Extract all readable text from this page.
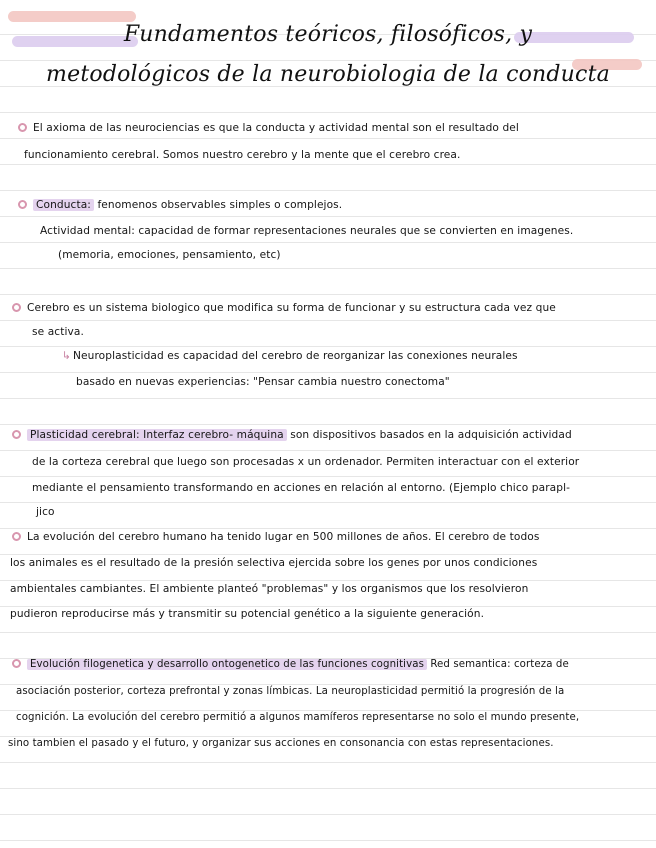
Fundamentos teóricos, filosóficos, y
metodológicos de la neurobiologia de la conducta

El axioma de las neurociencias es que la conducta y actividad mental son el resultado del

funcionamiento cerebral. Somos nuestro cerebro y la mente que el cerebro crea.

Conducta: fenomenos observables simples o complejos.

Actividad mental: capacidad de formar representaciones neurales que se convierten en imagenes.

(memoria, emociones, pensamiento, etc)

Cerebro es un sistema biologico que modifica su forma de funcionar y su estructura cada vez que

se activa.

↳ Neuroplasticidad es capacidad del cerebro de reorganizar las conexiones neurales

basado en nuevas experiencias: "Pensar cambia nuestro conectoma"

Plasticidad cerebral: Interfaz cerebro- máquina son dispositivos basados en la adquisición actividad

de la corteza cerebral que luego son procesadas x un ordenador. Permiten interactuar con el exterior

mediante el pensamiento transformando en acciones en relación al entorno. (Ejemplo chico parapl-

jico

La evolución del cerebro humano ha tenido lugar en 500 millones de años. El cerebro de todos

los animales es el resultado de la presión selectiva ejercida sobre los genes por unos condiciones

ambientales cambiantes. El ambiente planteó "problemas" y los organismos que los resolvieron

pudieron reproducirse más y transmitir su potencial genético a la siguiente generación.

Evolución filogenetica y desarrollo ontogenetico de las funciones cognitivas Red semantica: corteza de

asociación posterior, corteza prefrontal y zonas límbicas. La neuroplasticidad permitió la progresión de la

cognición. La evolución del cerebro permitió a algunos mamíferos representarse no solo el mundo presente,

sino tambien el pasado y el futuro, y organizar sus acciones en consonancia con estas representaciones.
